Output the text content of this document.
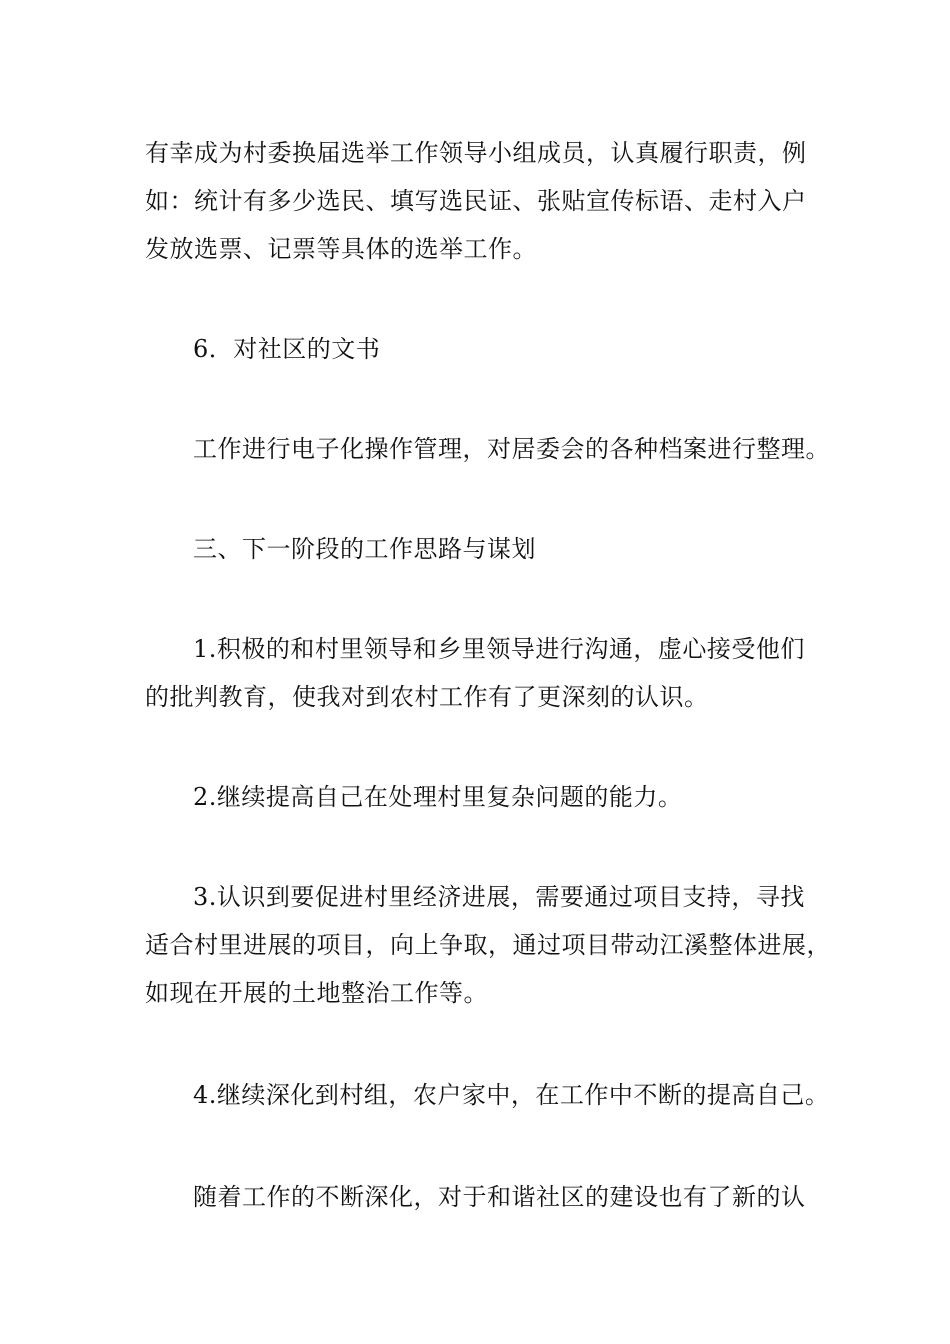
有幸成为村委换届选举工作领导小组成员，认真履行职责，例
如：统计有多少选民、填写选民证、张贴宣传标语、走村入户
发放选票、记票等具体的选举工作。
6．对社区的文书
工作进行电子化操作管理，对居委会的各种档案进行整理。
三、下一阶段的工作思路与谋划
1.积极的和村里领导和乡里领导进行沟通，虚心接受他们
的批判教育，使我对到农村工作有了更深刻的认识。
2.继续提高自己在处理村里复杂问题的能力。
3.认识到要促进村里经济进展，需要通过项目支持，寻找
适合村里进展的项目，向上争取，通过项目带动江溪整体进展，
如现在开展的土地整治工作等。
4.继续深化到村组，农户家中，在工作中不断的提高自己。
随着工作的不断深化，对于和谐社区的建设也有了新的认
